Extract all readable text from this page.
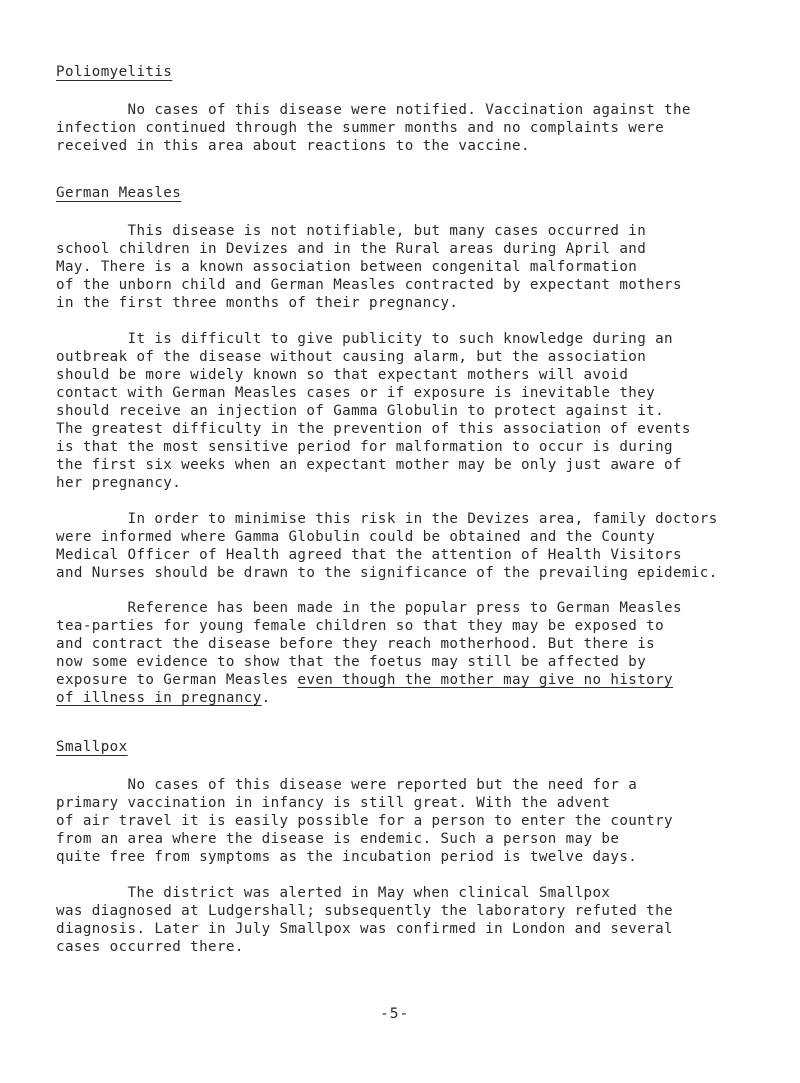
Poliomyelitis

No cases of this disease were notified. Vaccination against the
infection continued through the summer months and no complaints were
received in this area about reactions to the vaccine.

German Measles

This disease is not notifiable, but many cases occurred in
school children in Devizes and in the Rural areas during April and
May. There is a known association between congenital malformation
of the unborn child and German Measles contracted by expectant mothers
in the first three months of their pregnancy.

It is difficult to give publicity to such knowledge during an
outbreak of the disease without causing alarm, but the association
should be more widely known so that expectant mothers will avoid
contact with German Measles cases or if exposure is inevitable they
should receive an injection of Gamma Globulin to protect against it.
The greatest difficulty in the prevention of this association of events
is that the most sensitive period for malformation to occur is during
the first six weeks when an expectant mother may be only just aware of
her pregnancy.

In order to minimise this risk in the Devizes area, family doctors
were informed where Gamma Globulin could be obtained and the County
Medical Officer of Health agreed that the attention of Health Visitors
and Nurses should be drawn to the significance of the prevailing epidemic.

Reference has been made in the popular press to German Measles
tea-parties for young female children so that they may be exposed to
and contract the disease before they reach motherhood. But there is
now some evidence to show that the foetus may still be affected by
exposure to German Measles even though the mother may give no history
of illness in pregnancy.

Smallpox

No cases of this disease were reported but the need for a
primary vaccination in infancy is still great. With the advent
of air travel it is easily possible for a person to enter the country
from an area where the disease is endemic. Such a person may be
quite free from symptoms as the incubation period is twelve days.

The district was alerted in May when clinical Smallpox
was diagnosed at Ludgershall; subsequently the laboratory refuted the
diagnosis. Later in July Smallpox was confirmed in London and several
cases occurred there.

-5-
